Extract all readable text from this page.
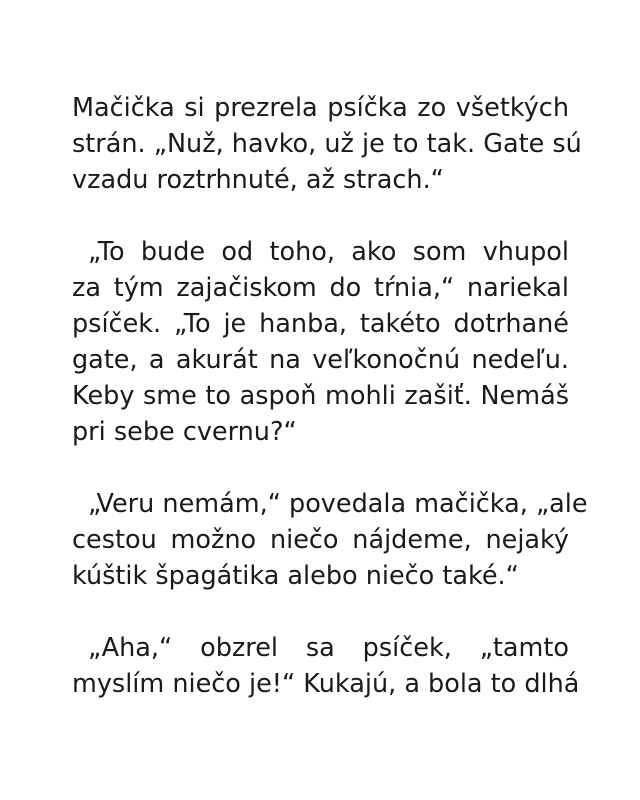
Mačička si prezrela psíčka zo všetkých
strán. „Nuž, havko, už je to tak. Gate sú
vzadu roztrhnuté, až strach.“

„To bude od toho, ako som vhupol
za tým zajačiskom do tŕnia,“ nariekal
psíček. „To je hanba, takéto dotrhané
gate, a akurát na veľkonočnú nedeľu.
Keby sme to aspoň mohli zašiť. Nemáš
pri sebe cvernu?“

„Veru nemám,“ povedala mačička, „ale
cestou možno niečo nájdeme, nejaký
kúštik špagátika alebo niečo také.“

„Aha,“ obzrel sa psíček, „tamto
myslím niečo je!“ Kukajú, a bola to dlhá
